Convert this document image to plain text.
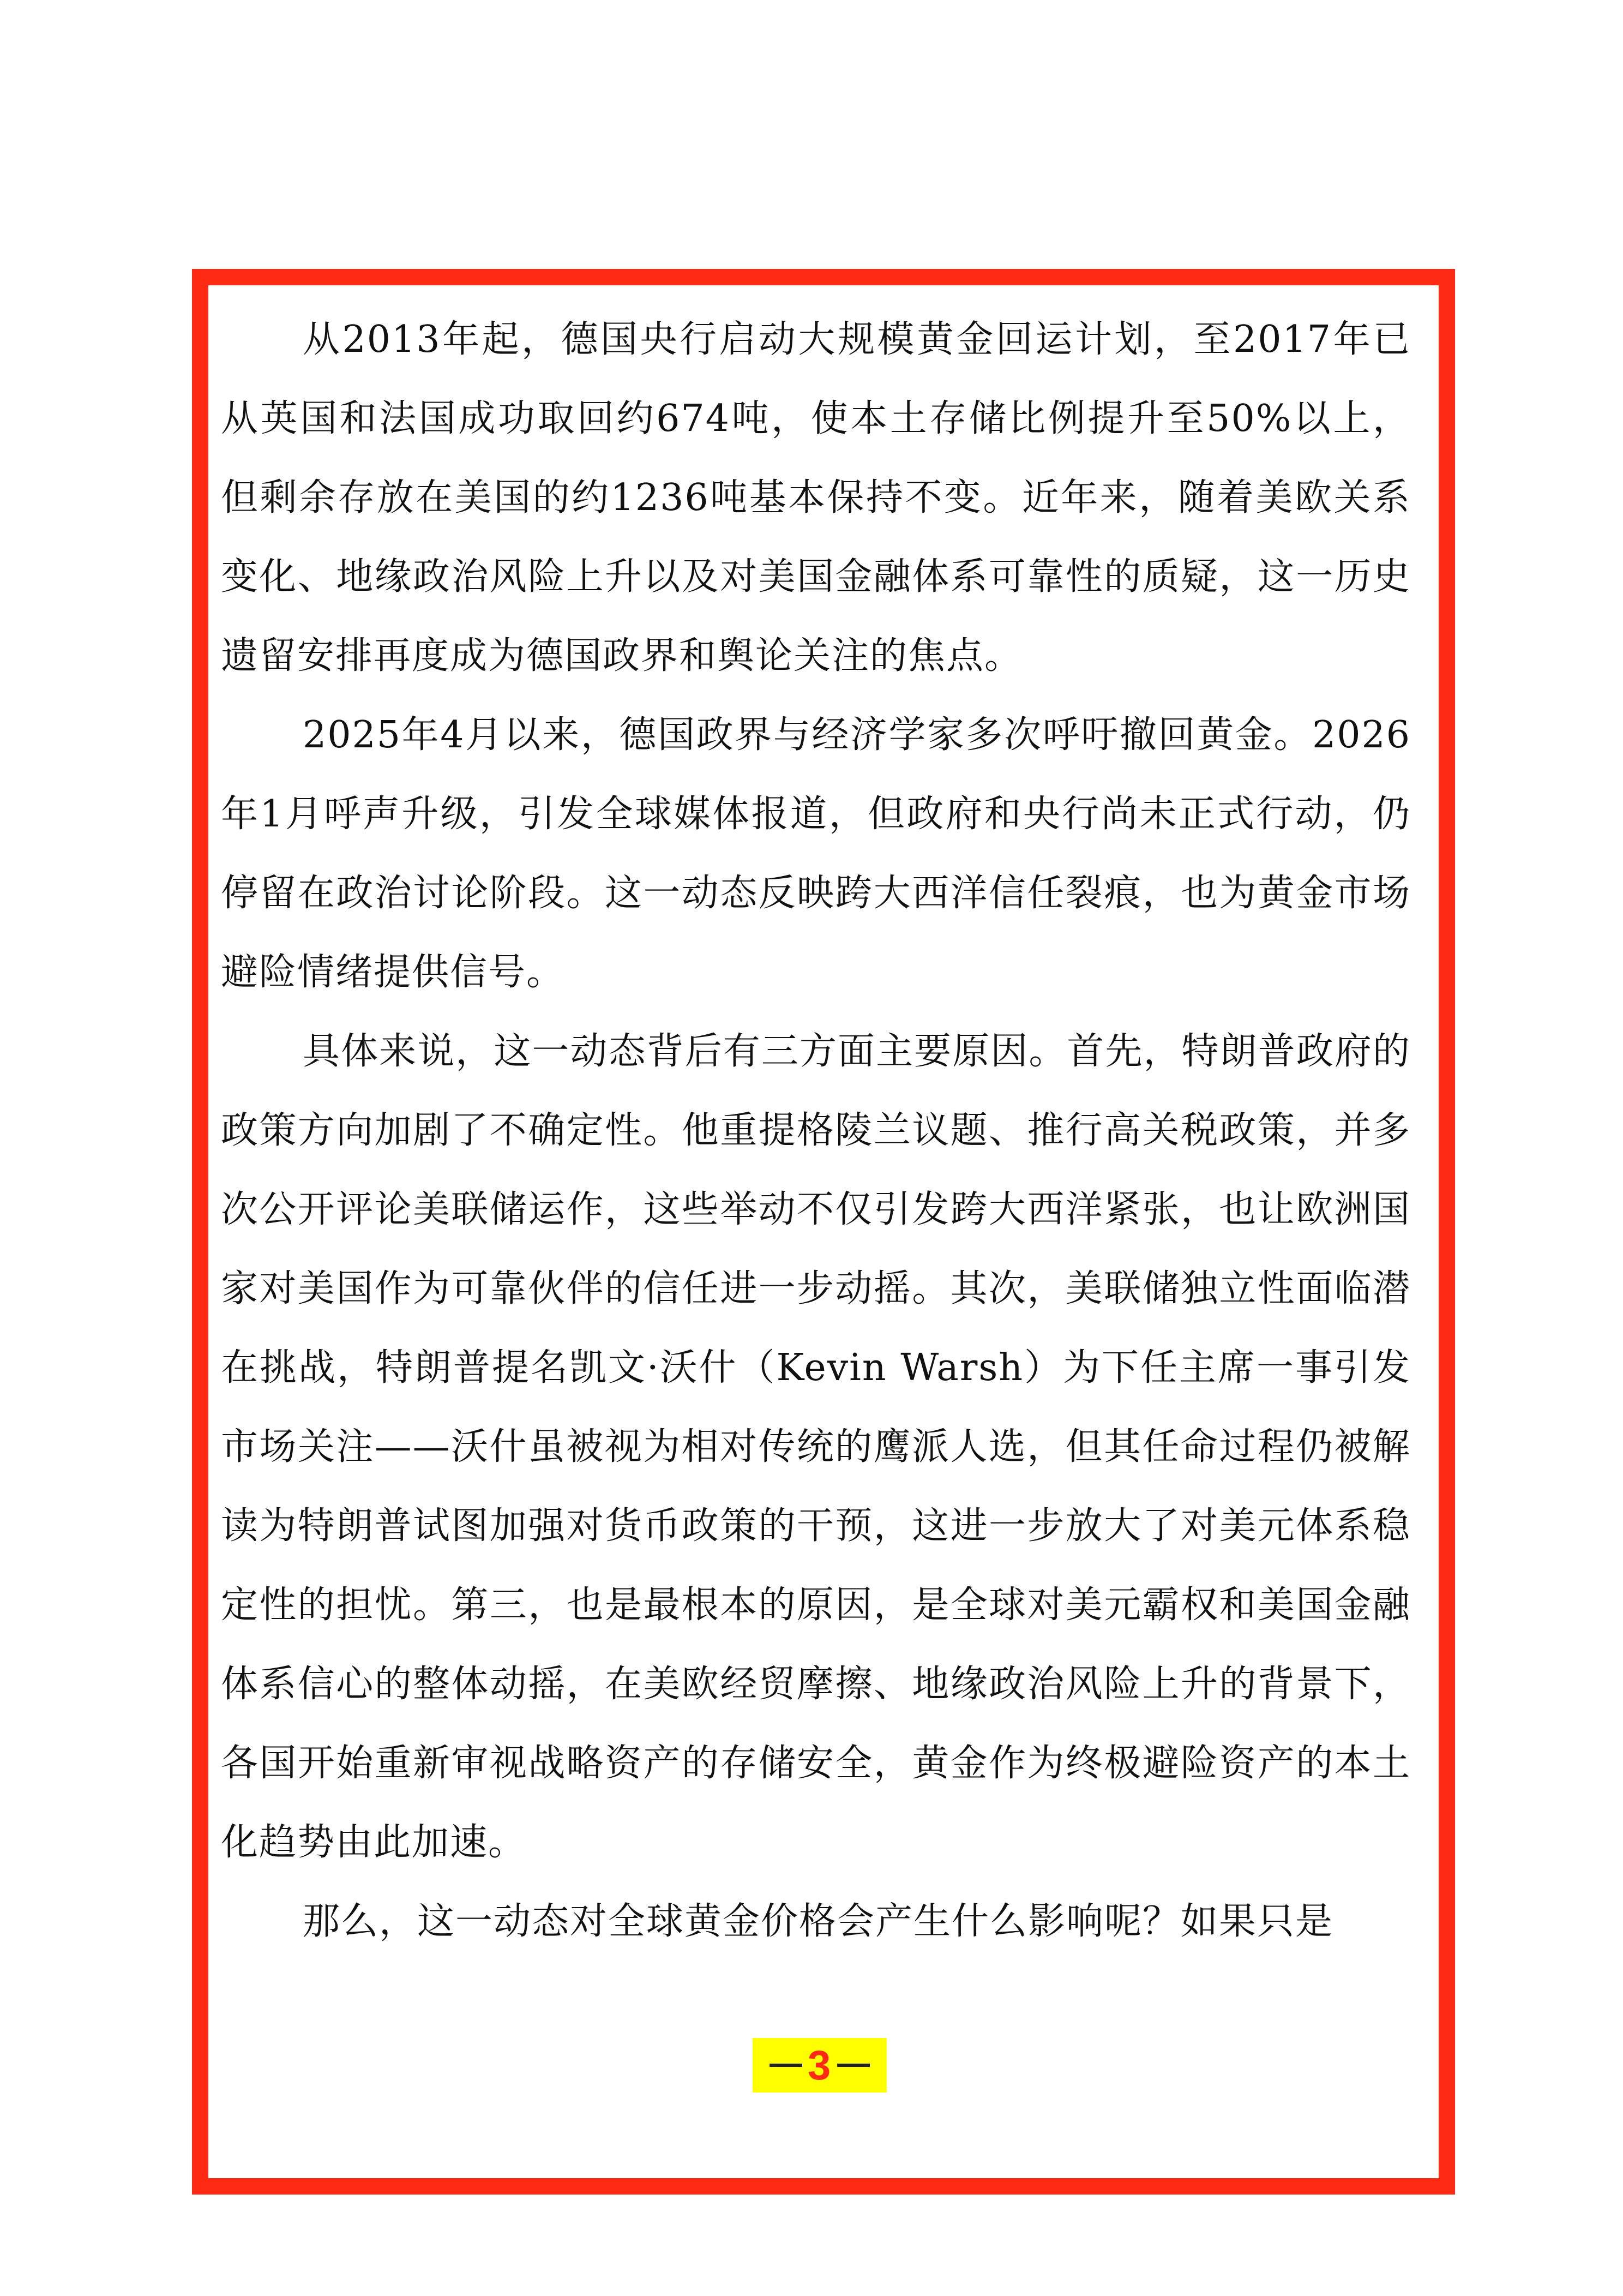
从2013年起，德国央行启动大规模黄金回运计划，至2017年已从英国和法国成功取回约674吨，使本土存储比例提升至50%以上，但剩余存放在美国的约1236吨基本保持不变。近年来，随着美欧关系变化、地缘政治风险上升以及对美国金融体系可靠性的质疑，这一历史遗留安排再度成为德国政界和舆论关注的焦点。

2025年4月以来，德国政界与经济学家多次呼吁撤回黄金。2026年1月呼声升级，引发全球媒体报道，但政府和央行尚未正式行动，仍停留在政治讨论阶段。这一动态反映跨大西洋信任裂痕，也为黄金市场避险情绪提供信号。

具体来说，这一动态背后有三方面主要原因。首先，特朗普政府的政策方向加剧了不确定性。他重提格陵兰议题、推行高关税政策，并多次公开评论美联储运作，这些举动不仅引发跨大西洋紧张，也让欧洲国家对美国作为可靠伙伴的信任进一步动摇。其次，美联储独立性面临潜在挑战，特朗普提名凯文·沃什（Kevin Warsh）为下任主席一事引发市场关注——沃什虽被视为相对传统的鹰派人选，但其任命过程仍被解读为特朗普试图加强对货币政策的干预，这进一步放大了对美元体系稳定性的担忧。第三，也是最根本的原因，是全球对美元霸权和美国金融体系信心的整体动摇，在美欧经贸摩擦、地缘政治风险上升的背景下，各国开始重新审视战略资产的存储安全，黄金作为终极避险资产的本土化趋势由此加速。

那么，这一动态对全球黄金价格会产生什么影响呢？如果只是

3
